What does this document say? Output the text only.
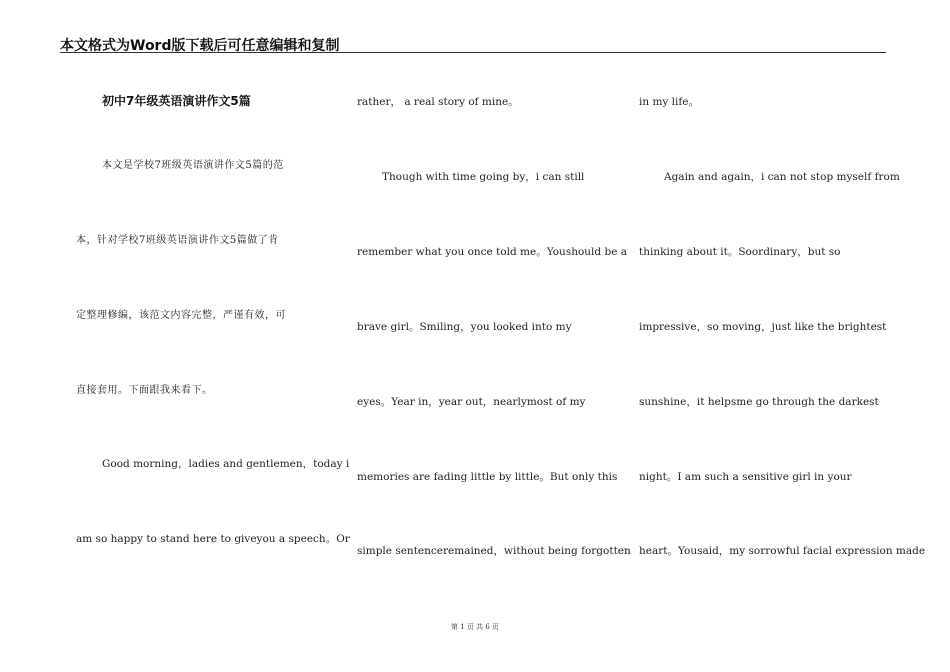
本文格式为Word版下载后可任意编辑和复制
初中7年级英语演讲作文5篇
本文是学校7班级英语演讲作文5篇的范
本，针对学校7班级英语演讲作文5篇做了肯
定整理修编，该范文内容完整，严谨有效，可
直接套用。下面跟我来看下。
Good morning，ladies and gentlemen，today i
am so happy to stand here to giveyou a speech。Or
rather， a real story of mine。
Though with time going by，i can still
remember what you once told me。Youshould be a
brave girl。Smiling，you looked into my
eyes。Year in，year out，nearlymost of my
memories are fading little by little。But only this
simple sentenceremained，without being forgotten
in my life。
Again and again，i can not stop myself from
thinking about it。Soordinary，but so
impressive，so moving，just like the brightest
sunshine，it helpsme go through the darkest
night。I am such a sensitive girl in your
heart。Yousaid，my sorrowful facial expression made
第 1 页 共 6 页
